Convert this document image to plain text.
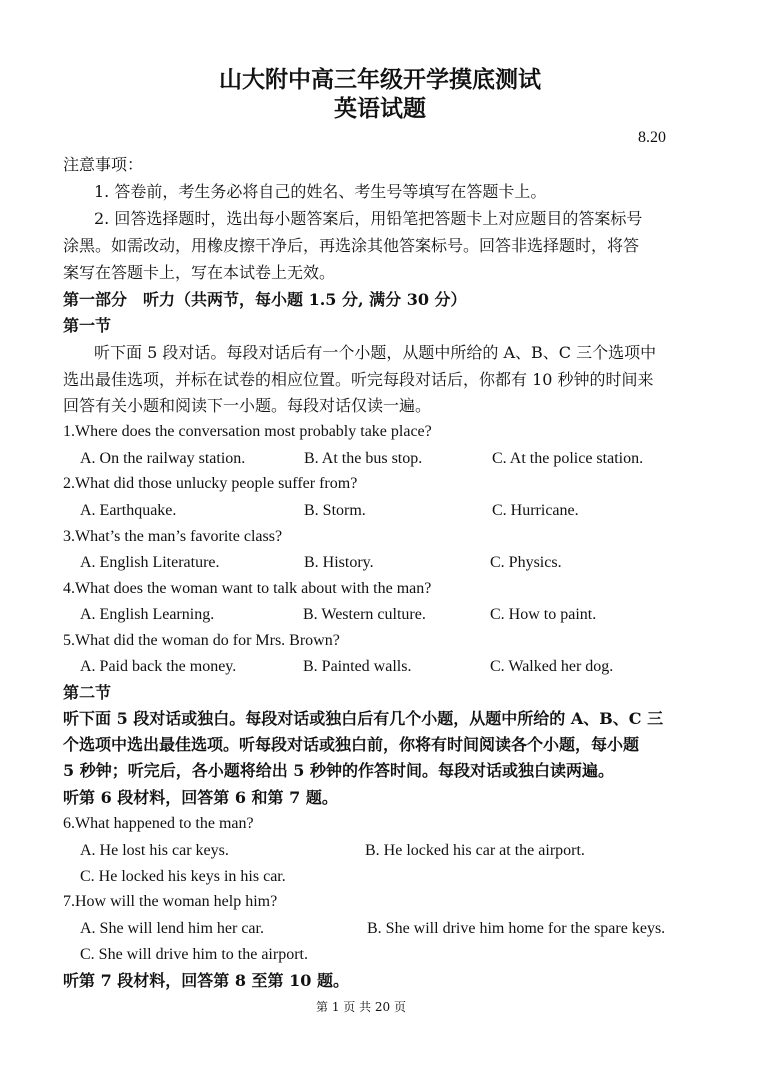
山大附中高三年级开学摸底测试
英语试题
8.20
注意事项：
1. 答卷前，考生务必将自己的姓名、考生号等填写在答题卡上。
2. 回答选择题时，选出每小题答案后，用铅笔把答题卡上对应题目的答案标号
涂黑。如需改动，用橡皮擦干净后，再选涂其他答案标号。回答非选择题时，将答
案写在答题卡上，写在本试卷上无效。
第一部分　听力（共两节，每小题 1.5 分, 满分 30 分）
第一节
听下面 5 段对话。每段对话后有一个小题，从题中所给的 A、B、C 三个选项中
选出最佳选项，并标在试卷的相应位置。听完每段对话后，你都有 10 秒钟的时间来
回答有关小题和阅读下一小题。每段对话仅读一遍。
1.Where does the conversation most probably take place?
A. On the railway station.	B. At the bus stop.	C. At the police station.
2.What did those unlucky people suffer from?
A. Earthquake.	B. Storm.	C. Hurricane.
3.What’s the man’s favorite class?
A. English Literature.	B. History.	C. Physics.
4.What does the woman want to talk about with the man?
A. English Learning.	B. Western culture.	C. How to paint.
5.What did the woman do for Mrs. Brown?
A. Paid back the money.	B. Painted walls.	C. Walked her dog.
第二节
听下面 5 段对话或独白。每段对话或独白后有几个小题，从题中所给的 A、B、C 三
个选项中选出最佳选项。听每段对话或独白前，你将有时间阅读各个小题，每小题
5 秒钟；听完后，各小题将给出 5 秒钟的作答时间。每段对话或独白读两遍。
听第 6 段材料，回答第 6 和第 7 题。
6.What happened to the man?
A. He lost his car keys.	B. He locked his car at the airport.
C. He locked his keys in his car.
7.How will the woman help him?
A. She will lend him her car.	B. She will drive him home for the spare keys.
C. She will drive him to the airport.
听第 7 段材料，回答第 8 至第 10 题。
第 1 页 共 20 页
